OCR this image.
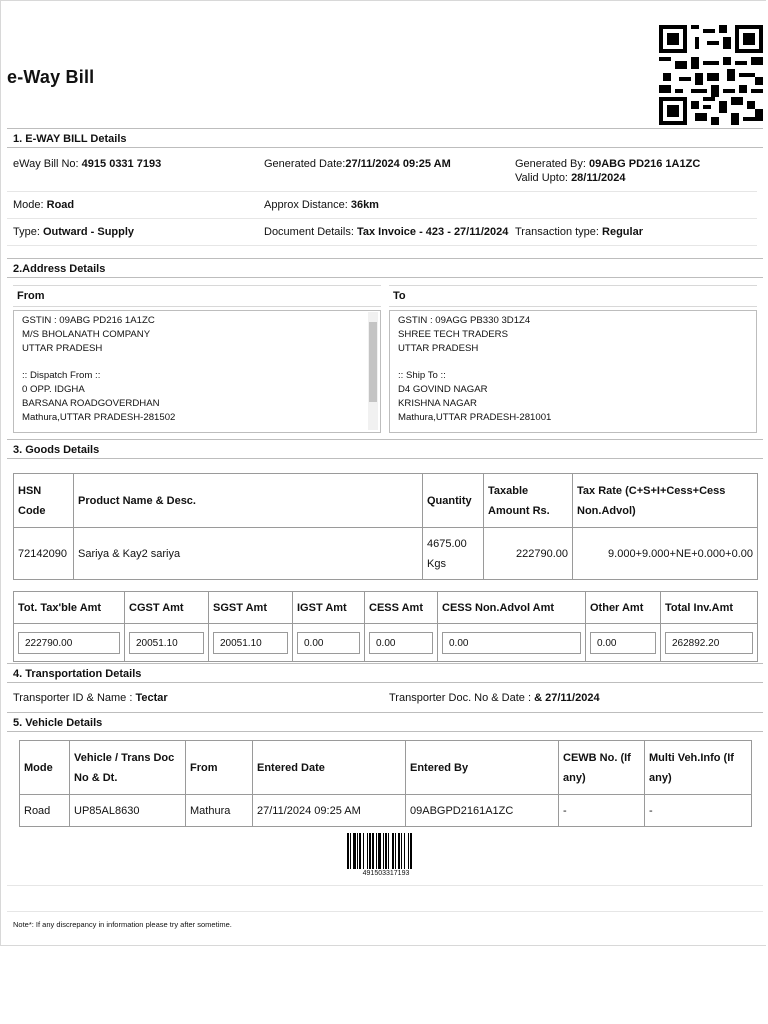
e-Way Bill
1. E-WAY BILL Details
eWay Bill No: 4915 0331 7193	Generated Date:27/11/2024 09:25 AM	Generated By: 09ABG PD216 1A1ZC
Valid Upto: 28/11/2024
Mode: Road	Approx Distance: 36km
Type: Outward - Supply	Document Details: Tax Invoice - 423 - 27/11/2024 Transaction type: Regular
2.Address Details
From	To
GSTIN : 09ABG PD216 1A1ZC
M/S BHOLANATH COMPANY
UTTAR PRADESH

:: Dispatch From ::
0 OPP. IDGHA
BARSANA ROADGOVERDHAN
Mathura,UTTAR PRADESH-281502
GSTIN : 09AGG PB330 3D1Z4
SHREE TECH TRADERS
UTTAR PRADESH

:: Ship To ::
D4 GOVIND NAGAR
KRISHNA NAGAR
Mathura,UTTAR PRADESH-281001
3. Goods Details
HSN Code	Product Name & Desc.	Quantity	Taxable Amount Rs.	Tax Rate (C+S+I+Cess+Cess Non.Advol)
72142090	Sariya & Kay2 sariya	4675.00 Kgs	222790.00	9.000+9.000+NE+0.000+0.00
Tot. Tax'ble Amt	CGST Amt	SGST Amt	IGST Amt	CESS Amt	CESS Non.Advol Amt	Other Amt	Total Inv.Amt

222790.00	20051.10	20051.10	0.00	0.00	0.00	0.00	262892.20
4. Transportation Details
Transporter ID & Name : Tectar	Transporter Doc. No & Date : & 27/11/2024
5. Vehicle Details
Mode	Vehicle / Trans Doc No & Dt.	From	Entered Date	Entered By	CEWB No. (If any)	Multi Veh.Info (If any)
Road	UP85AL8630	Mathura	27/11/2024 09:25 AM	09ABGPD2161A1ZC	-	-
491503317193
Note*: If any discrepancy in information please try after sometime.
